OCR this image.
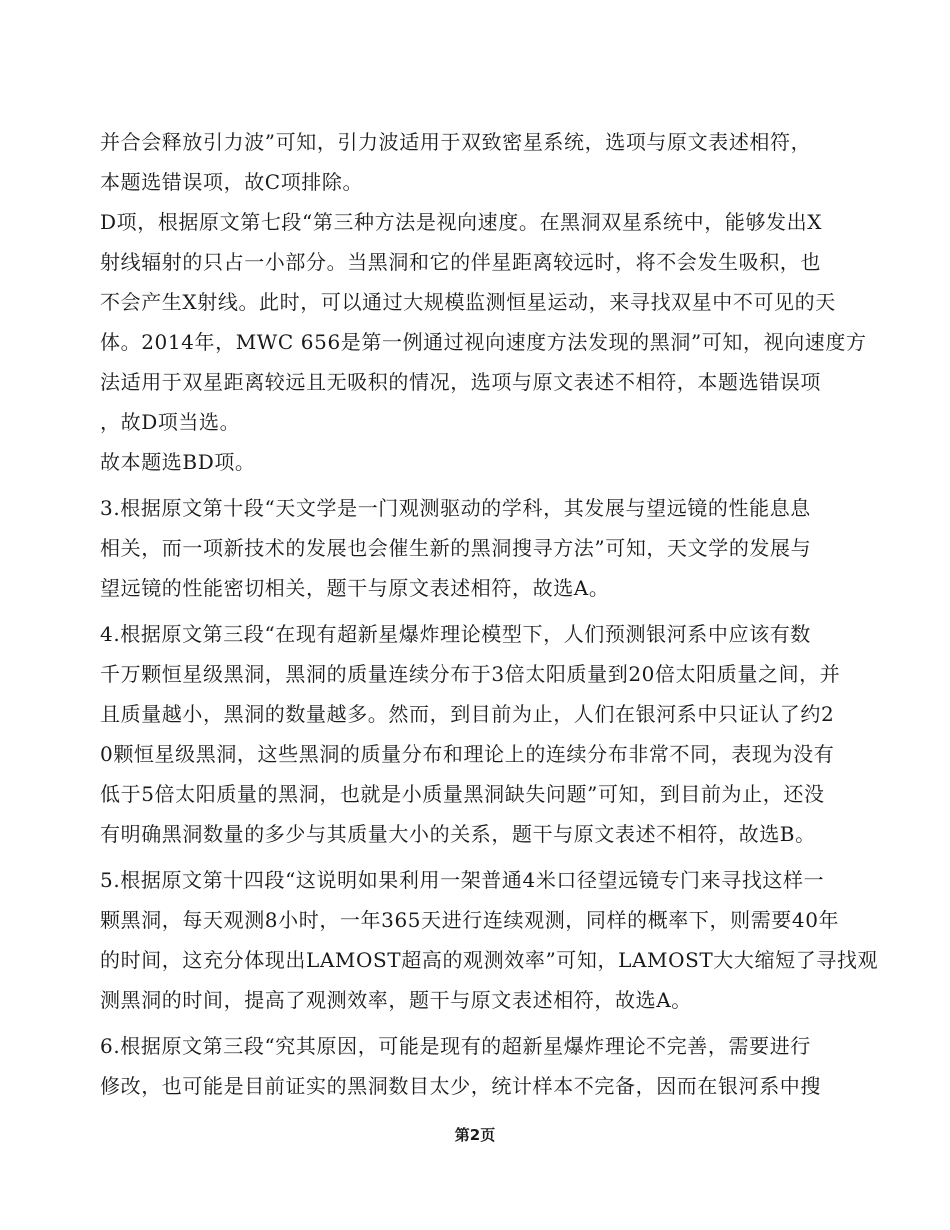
并合会释放引力波”可知，引力波适用于双致密星系统，选项与原文表述相符，
本题选错误项，故C项排除。
D项，根据原文第七段“第三种方法是视向速度。在黑洞双星系统中，能够发出X
射线辐射的只占一小部分。当黑洞和它的伴星距离较远时，将不会发生吸积，也
不会产生X射线。此时，可以通过大规模监测恒星运动，来寻找双星中不可见的天
体。2014年，MWC 656是第一例通过视向速度方法发现的黑洞”可知，视向速度方
法适用于双星距离较远且无吸积的情况，选项与原文表述不相符，本题选错误项
，故D项当选。
故本题选BD项。
3.根据原文第十段“天文学是一门观测驱动的学科，其发展与望远镜的性能息息
相关，而一项新技术的发展也会催生新的黑洞搜寻方法”可知，天文学的发展与
望远镜的性能密切相关，题干与原文表述相符，故选A。
4.根据原文第三段“在现有超新星爆炸理论模型下，人们预测银河系中应该有数
千万颗恒星级黑洞，黑洞的质量连续分布于3倍太阳质量到20倍太阳质量之间，并
且质量越小，黑洞的数量越多。然而，到目前为止，人们在银河系中只证认了约2
0颗恒星级黑洞，这些黑洞的质量分布和理论上的连续分布非常不同，表现为没有
低于5倍太阳质量的黑洞，也就是小质量黑洞缺失问题”可知，到目前为止，还没
有明确黑洞数量的多少与其质量大小的关系，题干与原文表述不相符，故选B。
5.根据原文第十四段“这说明如果利用一架普通4米口径望远镜专门来寻找这样一
颗黑洞，每天观测8小时，一年365天进行连续观测，同样的概率下，则需要40年
的时间，这充分体现出LAMOST超高的观测效率”可知，LAMOST大大缩短了寻找观
测黑洞的时间，提高了观测效率，题干与原文表述相符，故选A。
6.根据原文第三段“究其原因，可能是现有的超新星爆炸理论不完善，需要进行
修改，也可能是目前证实的黑洞数目太少，统计样本不完备，因而在银河系中搜
第2页
